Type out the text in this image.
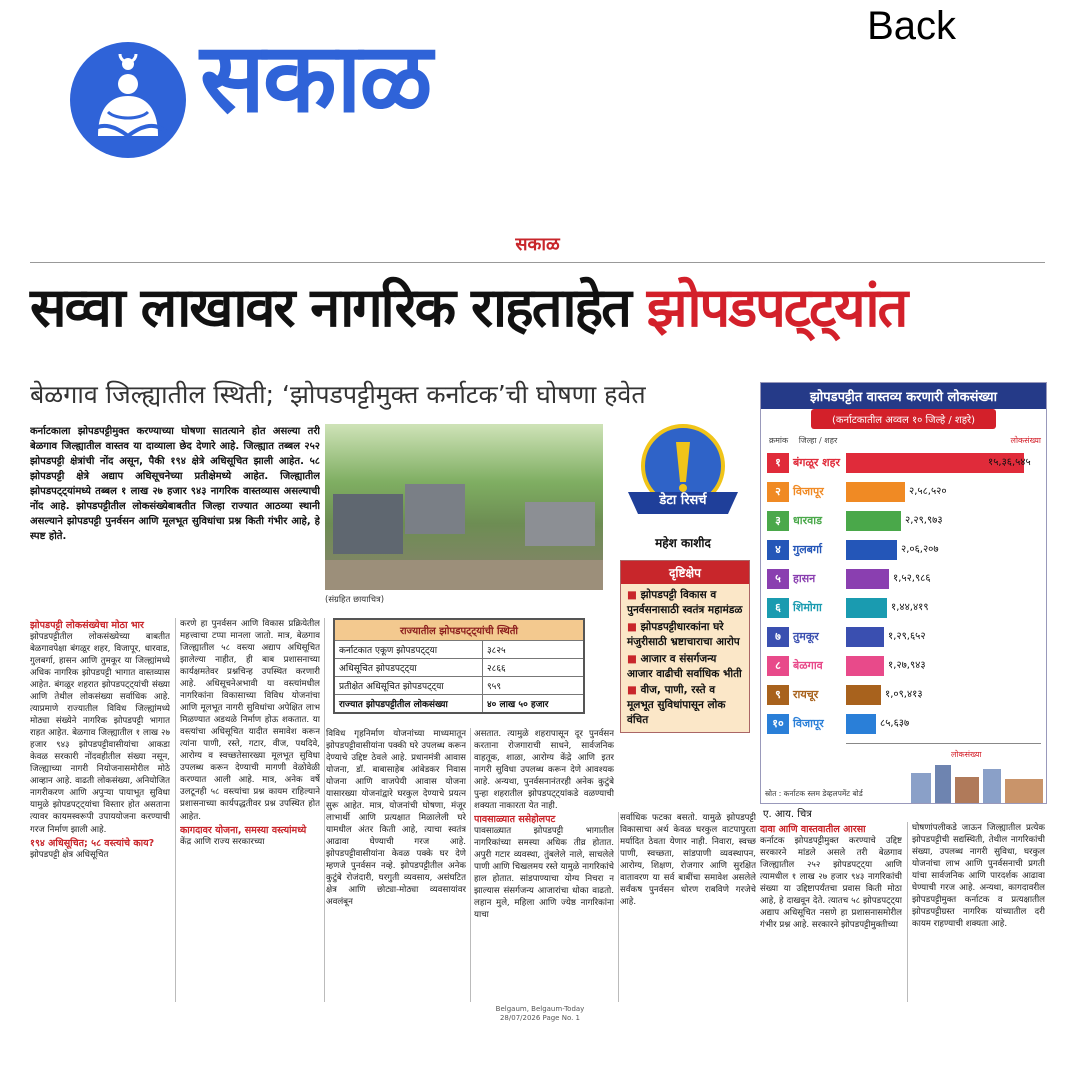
Back
सकाळ
सकाळ
सव्वा लाखावर नागरिक राहताहेत झोपडपट्ट्यांत
बेळगाव जिल्ह्यातील स्थिती; ‘झोपडपट्टीमुक्त कर्नाटक’ची घोषणा हवेत
कर्नाटकाला झोपडपट्टीमुक्त करण्याच्या घोषणा सातत्याने होत असल्या तरी बेळगाव जिल्ह्यातील वास्तव या दाव्याला छेद देणारे आहे. जिल्ह्यात तब्बल २५२ झोपडपट्टी क्षेत्रांची नोंद असून, पैकी १९४ क्षेत्रे अधिसूचित झाली आहेत. ५८ झोपडपट्टी क्षेत्रे अद्याप अधिसूचनेच्या प्रतीक्षेमध्ये आहेत. जिल्ह्यातील झोपडपट्ट्यांमध्ये तब्बल १ लाख २७ हजार ९४३ नागरिक वास्तव्यास असल्याची नोंद आहे. झोपडपट्टीतील लोकसंख्येबाबतीत जिल्हा राज्यात आठव्या स्थानी असल्याने झोपडपट्टी पुनर्वसन आणि मूलभूत सुविधांचा प्रश्न किती गंभीर आहे, हे स्पष्ट होते.
झोपडपट्टी लोकसंख्येचा मोठा भार
झोपडपट्टीतील लोकसंख्येच्या बाबतीत बेळगावपेक्षा बंगळूर शहर, विजापूर, धारवाड, गुलबर्गा, हासन आणि तुमकूर या जिल्ह्यांमध्ये अधिक नागरिक झोपडपट्टी भागात वास्तव्यास आहेत. बंगळूर शहरात झोपडपट्ट्यांची संख्या आणि तेथील लोकसंख्या सर्वाधिक आहे. त्याप्रमाणे राज्यातील विविध जिल्ह्यांमध्ये मोठ्या संख्येने नागरिक झोपडपट्टी भागात राहत आहेत. बेळगाव जिल्ह्यातील १ लाख २७ हजार ९४३ झोपडपट्टीवासीयांचा आकडा केवळ सरकारी नोंदवहीतील संख्या नसून, जिल्ह्याच्या नागरी नियोजनासमोरील मोठे आव्हान आहे. वाढती लोकसंख्या, अनियोजित नागरीकरण आणि अपुऱ्या पायाभूत सुविधा यामुळे झोपडपट्ट्यांचा विस्तार होत असताना त्यावर कायमस्वरूपी उपाययोजना करण्याची गरज निर्माण झाली आहे.
१९४ अधिसूचित; ५८ वस्त्यांचे काय?
झोपडपट्टी क्षेत्र अधिसूचित
करणे हा पुनर्वसन आणि विकास प्रक्रियेतील महत्त्वाचा टप्पा मानला जातो. मात्र, बेळगाव जिल्ह्यातील ५८ वस्त्या अद्याप अधिसूचित झालेल्या नाहीत, ही बाब प्रशासनाच्या कार्यक्षमतेवर प्रश्नचिन्ह उपस्थित करणारी आहे. अधिसूचनेअभावी या वस्त्यांमधील नागरिकांना विकासाच्या विविध योजनांचा आणि मूलभूत नागरी सुविधांचा अपेक्षित लाभ मिळण्यात अडथळे निर्माण होऊ शकतात. या वस्त्यांचा अधिसूचित यादीत समावेश करून त्यांना पाणी, रस्ते, गटार, वीज, पथदिवे, आरोग्य व स्वच्छतेसारख्या मूलभूत सुविधा उपलब्ध करून देण्याची मागणी वेळोवेळी करण्यात आली आहे. मात्र, अनेक वर्षे उलटूनही ५८ वस्त्यांचा प्रश्न कायम राहिल्याने प्रशासनाच्या कार्यपद्धतीवर प्रश्न उपस्थित होत आहेत.
कागदावर योजना, समस्या वस्त्यांमध्ये
केंद्र आणि राज्य सरकारच्या
(संग्रहित छायाचित्र)
राज्यातील झोपडपट्ट्यांची स्थिती
कर्नाटकात एकूण झोपडपट्ट्या	३८२५
अधिसूचित झोपडपट्ट्या	२८६६
प्रतीक्षेत अधिसूचित झोपडपट्ट्या	९५९
राज्यात झोपडपट्टीतील लोकसंख्या	४० लाख ५० हजार
विविध गृहनिर्माण योजनांच्या माध्यमातून झोपडपट्टीवासीयांना पक्की घरे उपलब्ध करून देण्याचे उद्दिष्ट ठेवले आहे. प्रधानमंत्री आवास योजना, डॉ. बाबासाहेब आंबेडकर निवास योजना आणि वाजपेयी आवास योजना यासारख्या योजनांद्वारे घरकुल देण्याचे प्रयत्न सुरू आहेत. मात्र, योजनांची घोषणा, मंजूर लाभार्थी आणि प्रत्यक्षात मिळालेली घरे यामधील अंतर किती आहे, त्याचा स्वतंत्र आढावा घेण्याची गरज आहे. झोपडपट्टीवासीयांना केवळ पक्के घर देणे म्हणजे पुनर्वसन नव्हे. झोपडपट्टीतील अनेक कुटुंबे रोजंदारी, घरगुती व्यवसाय, असंघटित क्षेत्र आणि छोट्या-मोठ्या व्यवसायांवर अवलंबून
असतात. त्यामुळे शहरापासून दूर पुनर्वसन करताना रोजगाराची साधने, सार्वजनिक वाहतूक, शाळा, आरोग्य केंद्रे आणि इतर नागरी सुविधा उपलब्ध करून देणे आवश्यक आहे. अन्यथा, पुनर्वसनानंतरही अनेक कुटुंबे पुन्हा शहरातील झोपडपट्ट्यांकडे वळण्याची शक्यता नाकारता येत नाही.
पावसाळ्यात ससेहोलपट
पावसाळ्यात झोपडपट्टी भागातील नागरिकांच्या समस्या अधिक तीव्र होतात. अपुरी गटार व्यवस्था, तुंबलेले नाले, साचलेले पाणी आणि चिखलमय रस्ते यामुळे नागरिकांचे हाल होतात. सांडपाण्याचा योग्य निचरा न झाल्यास संसर्गजन्य आजारांचा धोका वाढतो. लहान मुले, महिला आणि ज्येष्ठ नागरिकांना याचा
डेटा रिसर्च
महेश काशीद
दृष्टिक्षेप
■ झोपडपट्टी विकास व पुनर्वसनासाठी स्वतंत्र महामंडळ
■ झोपडपट्टीधारकांना घरे मंजुरीसाठी भ्रष्टाचाराचा आरोप
■ आजार व संसर्गजन्य आजार वाढीची सर्वाधिक भीती
■ वीज, पाणी, रस्ते व मूलभूत सुविधांपासून लोक वंचित
सर्वाधिक फटका बसतो. यामुळे झोपडपट्टी विकासाचा अर्थ केवळ घरकुल वाटपापुरता मर्यादित ठेवता येणार नाही. निवारा, स्वच्छ पाणी, स्वच्छता, सांडपाणी व्यवस्थापन, आरोग्य, शिक्षण, रोजगार आणि सुरक्षित वातावरण या सर्व बाबींचा समावेश असलेले सर्वंकष पुनर्वसन धोरण राबविणे गरजेचे आहे.
झोपडपट्टीत वास्तव्य करणारी लोकसंख्या
(कर्नाटकातील अव्वल १० जिल्हे / शहरे)
क्रमांक जिल्हा / शहर	लोकसंख्या
१	बंगळूर शहर	१५,३६,५४५
२	विजापूर	२,५८,५२०
३	धारवाड	२,२९,९७३
४	गुलबर्गा	२,०६,२०७
५	हासन	१,५२,९८६
६	शिमोगा	१,४४,४१९
७	तुमकूर	१,२९,६५२
८	बेळगाव	१,२७,९४३
९	रायचूर	१,०९,४१३
१० विजापूर	८५,६३७
लोकसंख्या
स्रोत : कर्नाटक स्लम डेव्हलपमेंट बोर्ड
ए. आय. चित्र
दावा आणि वास्तवातील आरसा
कर्नाटक झोपडपट्टीमुक्त करण्याचे उद्दिष्ट सरकारने मांडले असले तरी बेळगाव जिल्ह्यातील २५२ झोपडपट्ट्या आणि त्यामधील १ लाख २७ हजार ९४३ नागरिकांची संख्या या उद्दिष्टापर्यंतचा प्रवास किती मोठा आहे, हे दाखवून देते. त्यातच ५८ झोपडपट्ट्या अद्याप अधिसूचित नसणे हा प्रशासनासमोरील गंभीर प्रश्न आहे. सरकारने झोपडपट्टीमुक्तीच्या
घोषणांपलीकडे जाऊन जिल्ह्यातील प्रत्येक झोपडपट्टीची सद्यस्थिती, तेथील नागरिकांची संख्या, उपलब्ध नागरी सुविधा, घरकुल योजनांचा लाभ आणि पुनर्वसनाची प्रगती यांचा सार्वजनिक आणि पारदर्शक आढावा घेण्याची गरज आहे. अन्यथा, कागदावरील झोपडपट्टीमुक्त कर्नाटक व प्रत्यक्षातील झोपडपट्टीग्रस्त नागरिक यांच्यातील दरी कायम राहण्याची शक्यता आहे.
Belgaum, Belgaum-Today
28/07/2026 Page No. 1
